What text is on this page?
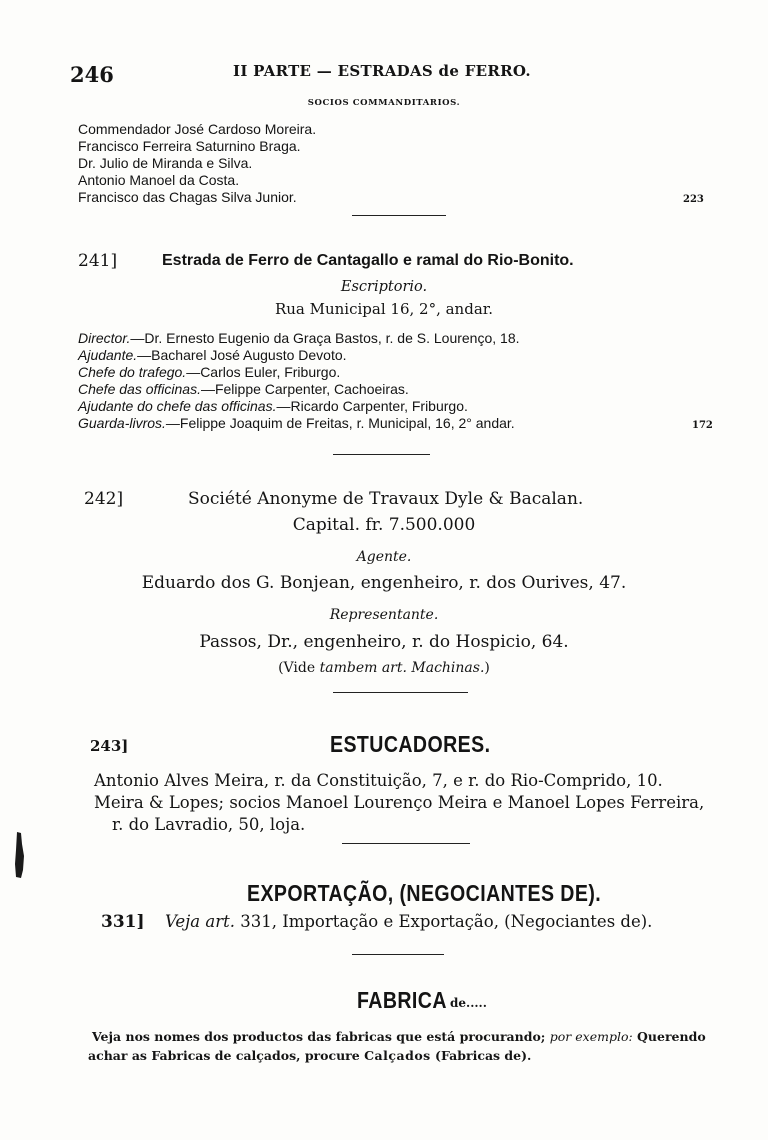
246	II PARTE — ESTRADAS de FERRO.
SOCIOS COMMANDITARIOS.
Commendador José Cardoso Moreira.
Francisco Ferreira Saturnino Braga.
Dr. Julio de Miranda e Silva.
Antonio Manoel da Costa.
Francisco das Chagas Silva Junior.	223
241]	Estrada de Ferro de Cantagallo e ramal do Rio-Bonito.
Escriptorio.
Rua Municipal 16, 2°, andar.
Director.—Dr. Ernesto Eugenio da Graça Bastos, r. de S. Lourenço, 18.
Ajudante.—Bacharel José Augusto Devoto.
Chefe do trafego.—Carlos Euler, Friburgo.
Chefe das officinas.—Felippe Carpenter, Cachoeiras.
Ajudante do chefe das officinas.—Ricardo Carpenter, Friburgo.
Guarda-livros.—Felippe Joaquim de Freitas, r. Municipal, 16, 2° andar.	172
242]	Société Anonyme de Travaux Dyle & Bacalan.
Capital. fr. 7.500.000
Agente.
Eduardo dos G. Bonjean, engenheiro, r. dos Ourives, 47.
Representante.
Passos, Dr., engenheiro, r. do Hospicio, 64.
(Vide tambem art. Machinas.)
243]	ESTUCADORES.
Antonio Alves Meira, r. da Constituição, 7, e r. do Rio-Comprido, 10.
Meira & Lopes; socios Manoel Lourenço Meira e Manoel Lopes Ferreira,
r. do Lavradio, 50, loja.
EXPORTAÇÃO, (NEGOCIANTES DE).
331] Veja art. 331, Importação e Exportação, (Negociantes de).
FABRICA de.....
Veja nos nomes dos productos das fabricas que está procurando; por exemplo: Querendo
achar as Fabricas de calçados, procure Calçados (Fabricas de).
